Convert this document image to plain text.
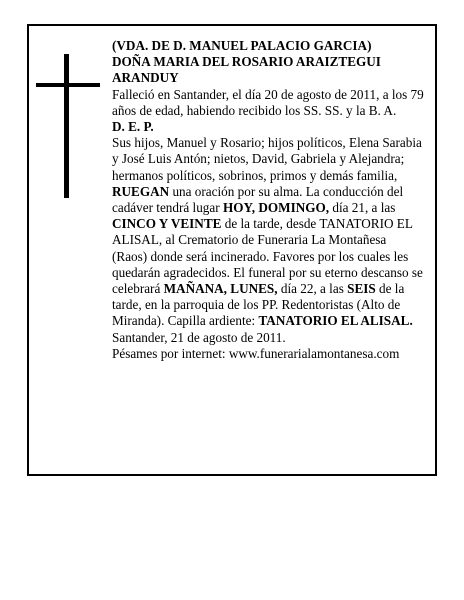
(VDA. DE D. MANUEL PALACIO GARCIA)

DOÑA MARIA DEL ROSARIO ARAIZTEGUI ARANDUY

Falleció en Santander, el día 20 de agosto de 2011, a los 79 años de edad, habiendo recibido los SS. SS. y la B. A.

D. E. P.

Sus hijos, Manuel y Rosario; hijos políticos, Elena Sarabia y José Luis Antón; nietos, David, Gabriela y Alejandra; hermanos políticos, sobrinos, primos y demás familia,

RUEGAN una oración por su alma. La conducción del cadáver tendrá lugar HOY, DOMINGO, día 21, a las CINCO Y VEINTE de la tarde, desde TANATORIO EL ALISAL, al Crematorio de Funeraria La Montañesa (Raos) donde será incinerado. Favores por los cuales les quedarán agradecidos. El funeral por su eterno descanso se celebrará MAÑANA, LUNES, día 22, a las SEIS de la tarde, en la parroquia de los PP. Redentoristas (Alto de Miranda). Capilla ardiente: TANATORIO EL ALISAL.

Santander, 21 de agosto de 2011.

Pésames por internet: www.funerarialamontanesa.com
